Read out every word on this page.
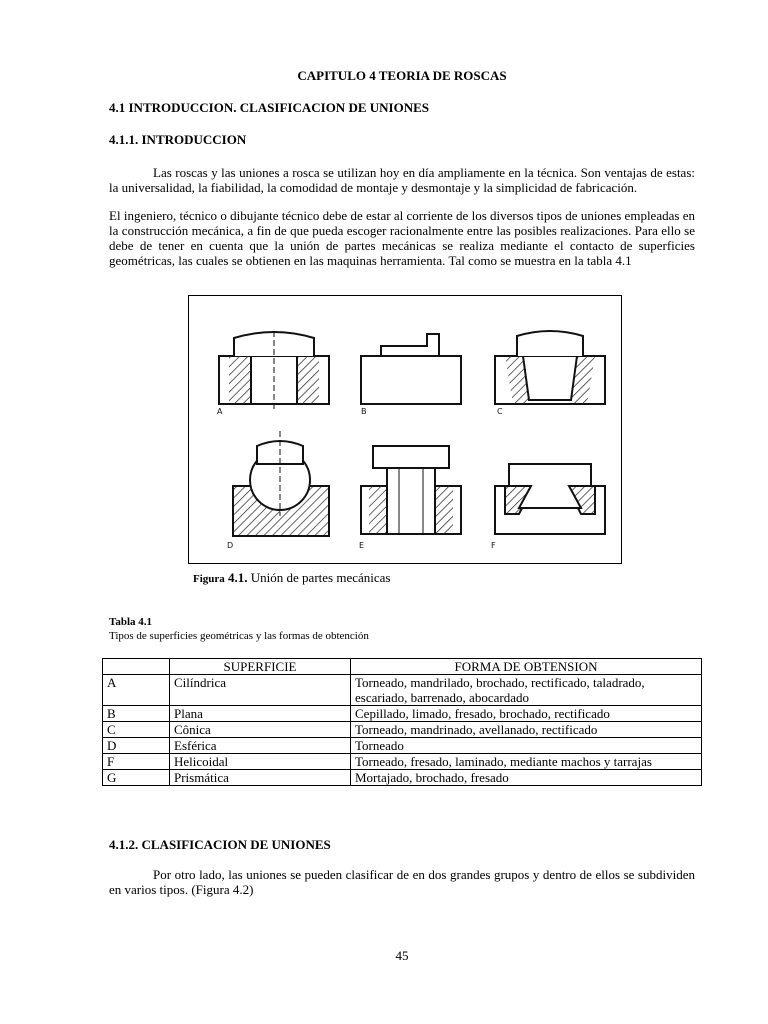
CAPITULO 4 TEORIA DE ROSCAS
4.1 INTRODUCCION. CLASIFICACION DE UNIONES
4.1.1. INTRODUCCION
Las roscas y las uniones a rosca se utilizan hoy en día ampliamente en la técnica. Son ventajas de estas: la universalidad, la fiabilidad, la comodidad de montaje y desmontaje y la simplicidad de fabricación.
El ingeniero, técnico o dibujante técnico debe de estar al corriente de los diversos tipos de uniones empleadas en la construcción mecánica, a fin de que pueda escoger racionalmente entre las posibles realizaciones. Para ello se debe de tener en cuenta que la unión de partes mecánicas se realiza mediante el contacto de superficies geométricas, las cuales se obtienen en las maquinas herramienta. Tal como se muestra en la tabla 4.1
A	B	C
D	E	F
Figura 4.1. Unión de partes mecánicas
Tabla 4.1
Tipos de superficies geométricas y las formas de obtención
	SUPERFICIE	FORMA DE OBTENSION
A	Cilíndrica	Torneado, mandrilado, brochado, rectificado, taladrado, escariado, barrenado, abocardado
B	Plana	Cepillado, limado, fresado, brochado, rectificado
C	Cônica	Torneado, mandrinado, avellanado, rectificado
D	Esférica	Torneado
F	Helicoidal	Torneado, fresado, laminado, mediante machos y tarrajas
G	Prismática	Mortajado, brochado, fresado
4.1.2. CLASIFICACION DE UNIONES
Por otro lado, las uniones se pueden clasificar de en dos grandes grupos y dentro de ellos se subdividen en varios tipos. (Figura 4.2)
45
